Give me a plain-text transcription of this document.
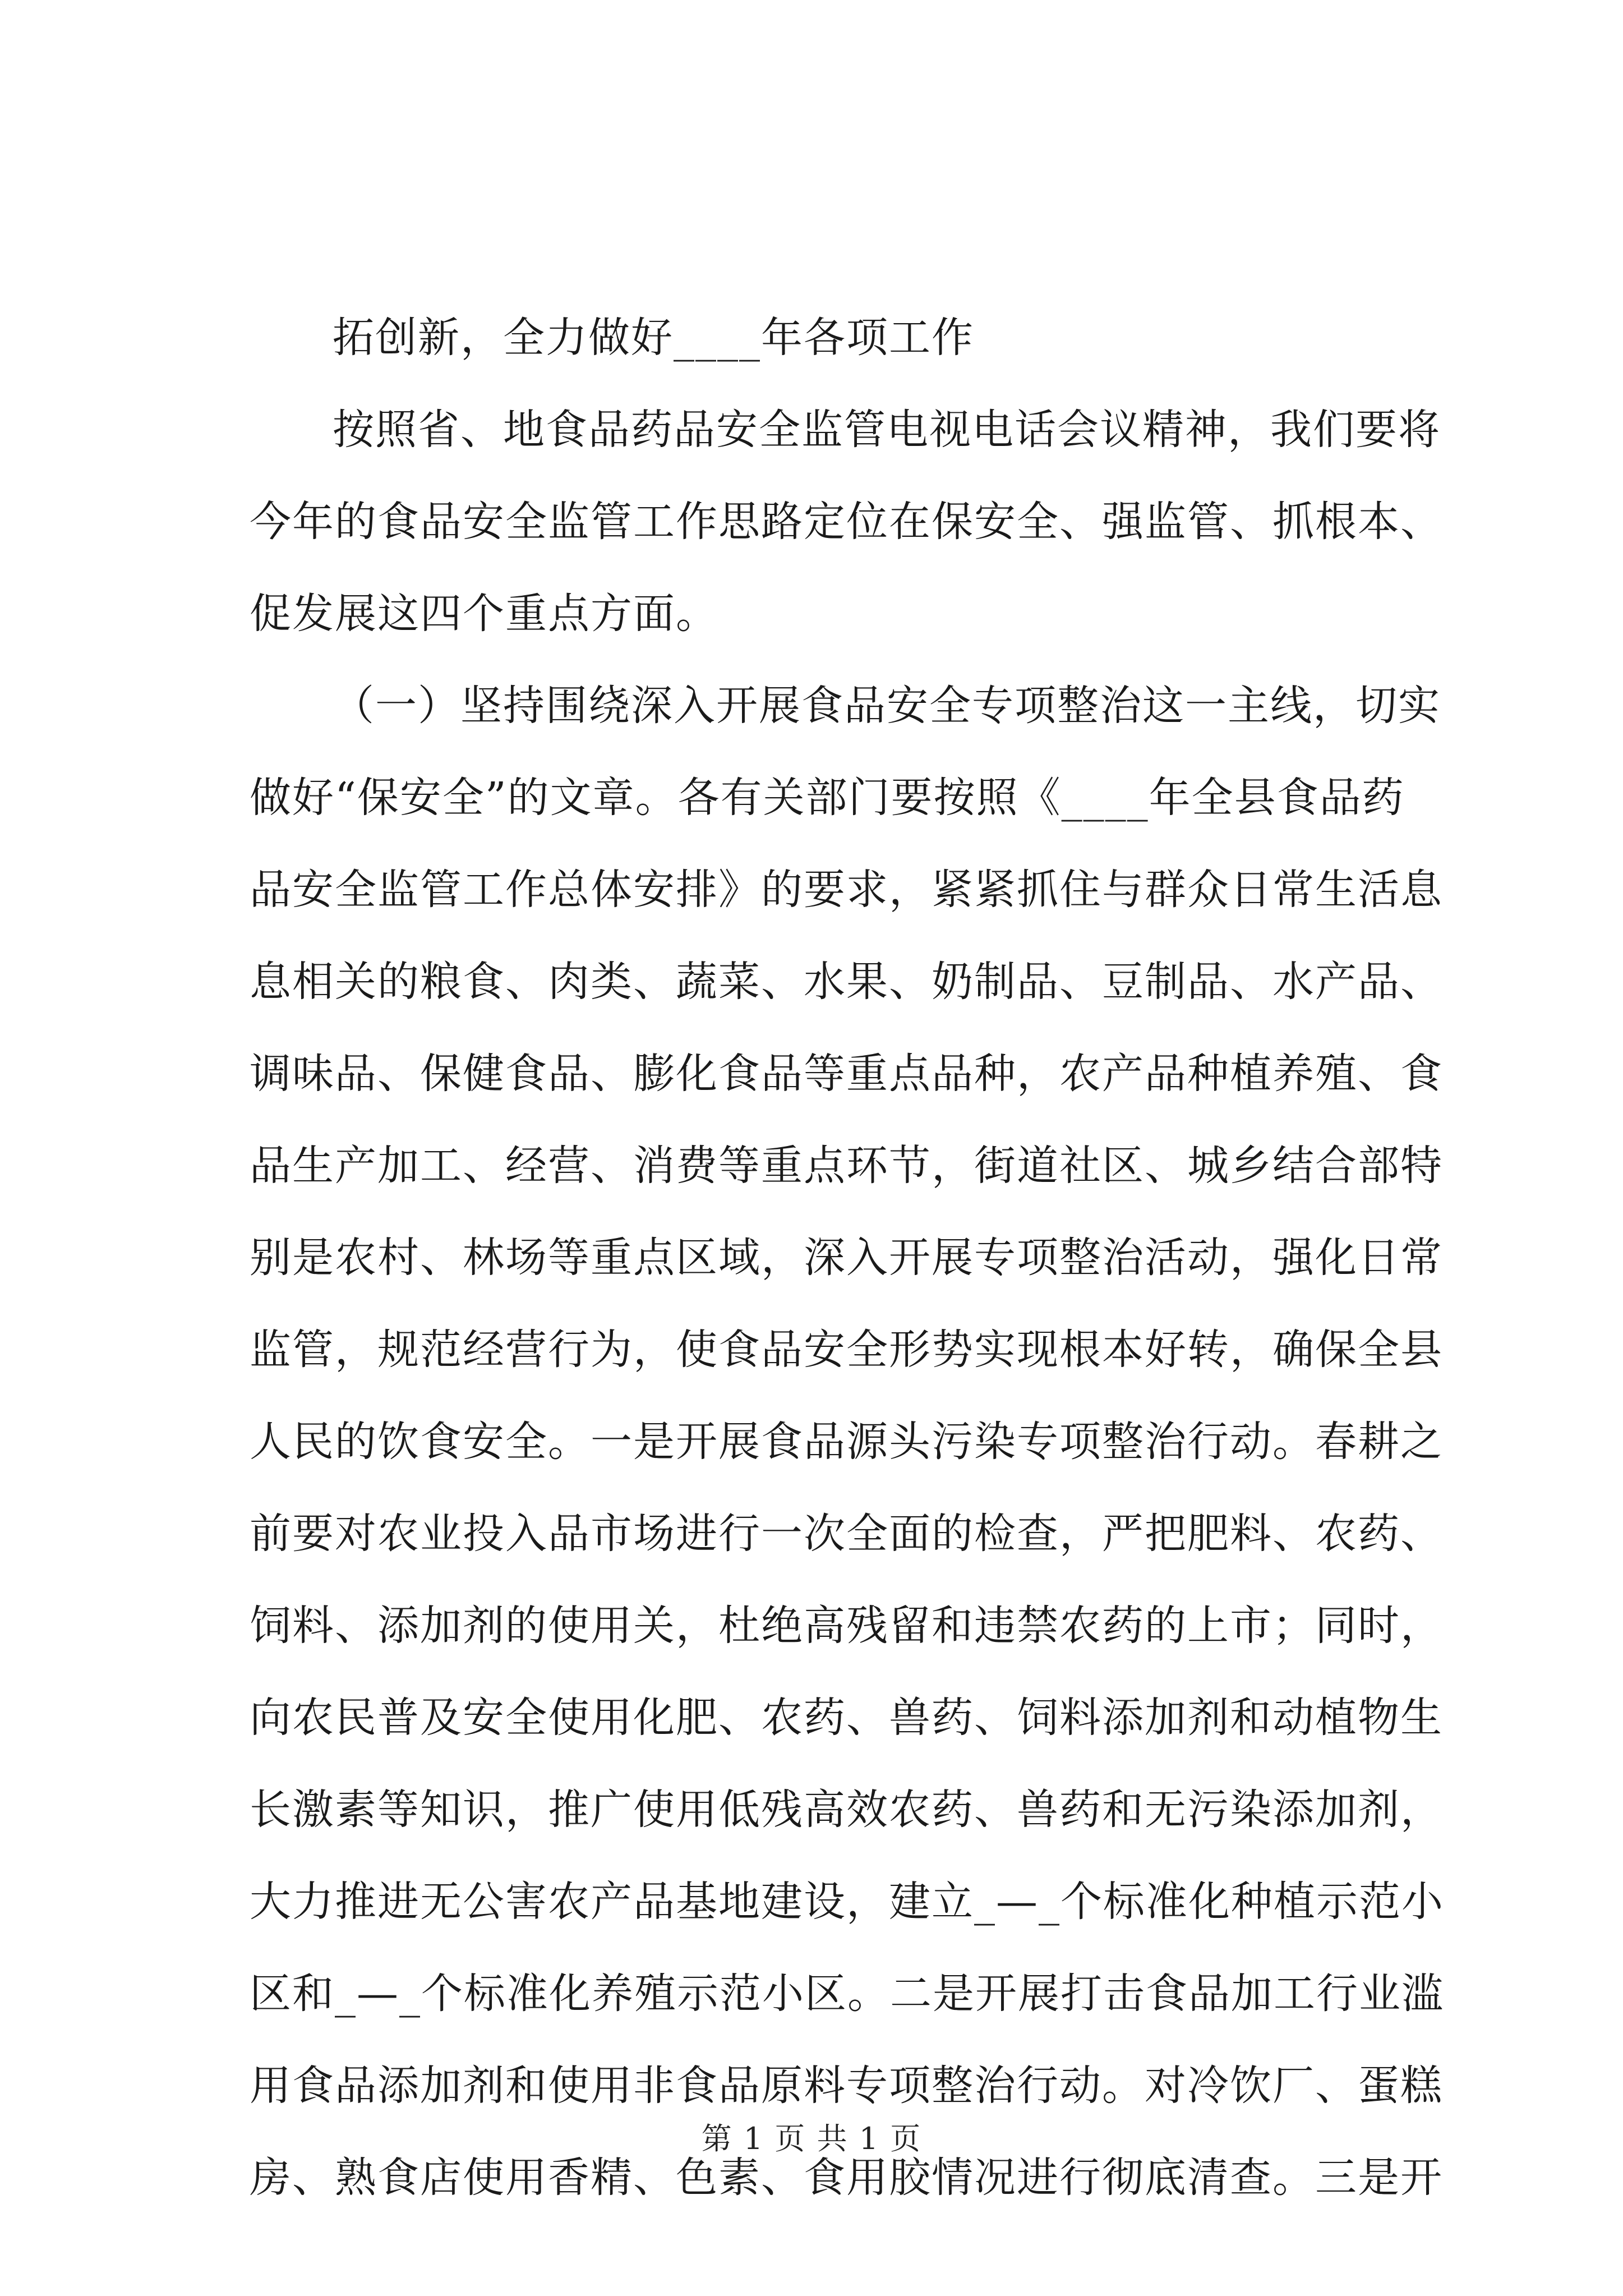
拓创新，全力做好____年各项工作
按照省、地食品药品安全监管电视电话会议精神，我们要将
今年的食品安全监管工作思路定位在保安全、强监管、抓根本、
促发展这四个重点方面。
（一）坚持围绕深入开展食品安全专项整治这一主线，切实
做好“保安全”的文章。各有关部门要按照《____年全县食品药
品安全监管工作总体安排》的要求，紧紧抓住与群众日常生活息
息相关的粮食、肉类、蔬菜、水果、奶制品、豆制品、水产品、
调味品、保健食品、膨化食品等重点品种，农产品种植养殖、食
品生产加工、经营、消费等重点环节，街道社区、城乡结合部特
别是农村、林场等重点区域，深入开展专项整治活动，强化日常
监管，规范经营行为，使食品安全形势实现根本好转，确保全县
人民的饮食安全。一是开展食品源头污染专项整治行动。春耕之
前要对农业投入品市场进行一次全面的检查，严把肥料、农药、
饲料、添加剂的使用关，杜绝高残留和违禁农药的上市；同时，
向农民普及安全使用化肥、农药、兽药、饲料添加剂和动植物生
长激素等知识，推广使用低残高效农药、兽药和无污染添加剂，
大力推进无公害农产品基地建设，建立_—_个标准化种植示范小
区和_—_个标准化养殖示范小区。二是开展打击食品加工行业滥
用食品添加剂和使用非食品原料专项整治行动。对冷饮厂、蛋糕
房、熟食店使用香精、色素、食用胶情况进行彻底清查。三是开
第 1 页 共 1 页
